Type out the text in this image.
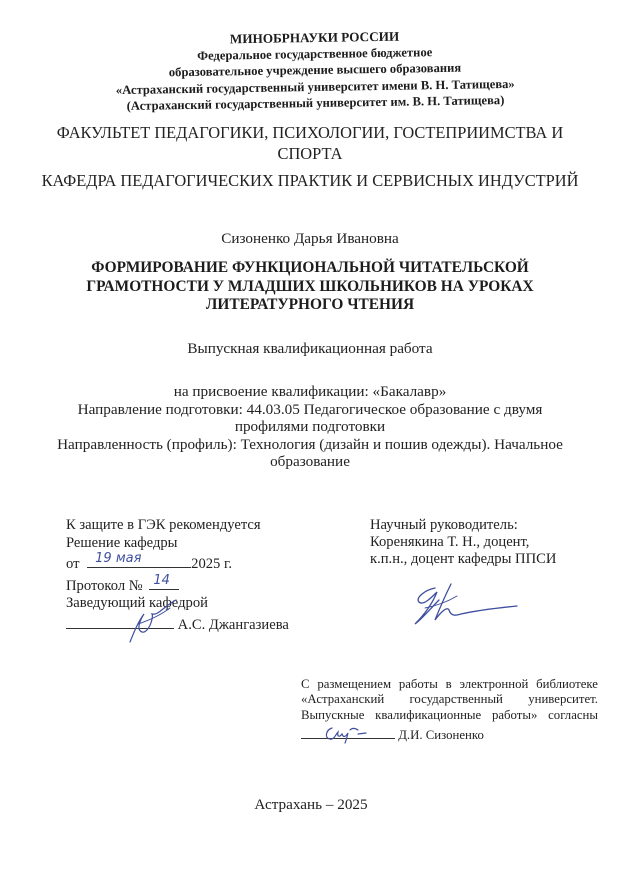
МИНОБРНАУКИ РОССИИ
Федеральное государственное бюджетное
образовательное учреждение высшего образования
«Астраханский государственный университет имени В. Н. Татищева»
(Астраханский государственный университет им. В. Н. Татищева)
ФАКУЛЬТЕТ ПЕДАГОГИКИ, ПСИХОЛОГИИ, ГОСТЕПРИИМСТВА И
СПОРТА
КАФЕДРА ПЕДАГОГИЧЕСКИХ ПРАКТИК И СЕРВИСНЫХ ИНДУСТРИЙ
Сизоненко Дарья Ивановна
ФОРМИРОВАНИЕ ФУНКЦИОНАЛЬНОЙ ЧИТАТЕЛЬСКОЙ
ГРАМОТНОСТИ У МЛАДШИХ ШКОЛЬНИКОВ НА УРОКАХ
ЛИТЕРАТУРНОГО ЧТЕНИЯ
Выпускная квалификационная работа
на присвоение квалификации: «Бакалавр»
Направление подготовки: 44.03.05 Педагогическое образование с двумя
профилями подготовки
Направленность (профиль): Технология (дизайн и пошив одежды). Начальное
образование
К защите в ГЭК рекомендуется
Решение кафедры
от 19 мая	2025 г.
Протокол № 14
Заведующий кафедрой
А.С. Джангазиева
Научный руководитель:
Коренякина Т. Н., доцент,
к.п.н., доцент кафедры ППСИ
С размещением работы в электронной библиотеке
«Астраханский государственный университет.
Выпускные квалификационные работы» согласны
Д.И. Сизоненко
Астрахань – 2025
